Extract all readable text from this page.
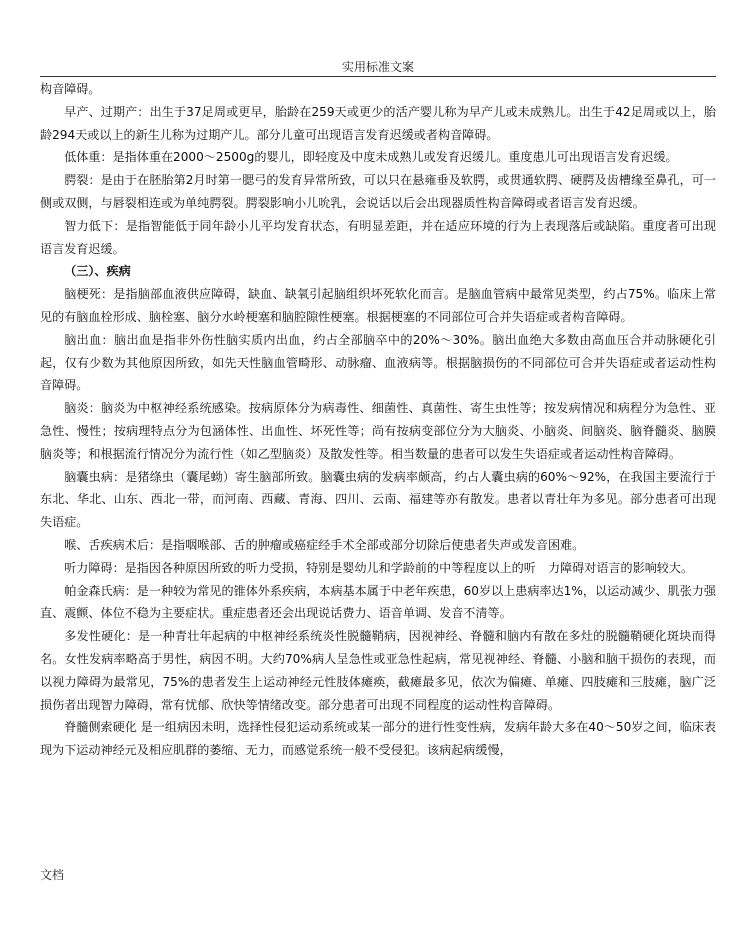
实用标准文案

构音障碍。

早产、过期产：出生于37足周或更早，胎龄在259天或更少的活产婴儿称为早产儿或未成熟儿。出生于42足周或以上，胎龄294天或以上的新生儿称为过期产儿。部分儿童可出现语言发育迟缓或者构音障碍。

低体重：是指体重在2000～2500g的婴儿，即轻度及中度未成熟儿或发育迟缓儿。重度患儿可出现语言发育迟缓。

腭裂：是由于在胚胎第2月时第一腮弓的发育异常所致，可以只在悬雍垂及软腭，或贯通软腭、硬腭及齿槽缘至鼻孔，可一侧或双侧，与唇裂相连或为单纯腭裂。腭裂影响小儿吮乳，会说话以后会出现器质性构音障碍或者语言发育迟缓。

智力低下：是指智能低于同年龄小儿平均发育状态，有明显差距，并在适应环境的行为上表现落后或缺陷。重度者可出现语言发育迟缓。

（三）、疾病

脑梗死：是指脑部血液供应障碍，缺血、缺氧引起脑组织坏死软化而言。是脑血管病中最常见类型，约占75%。临床上常见的有脑血栓形成、脑栓塞、脑分水岭梗塞和脑腔隙性梗塞。根据梗塞的不同部位可合并失语症或者构音障碍。

脑出血：脑出血是指非外伤性脑实质内出血，约占全部脑卒中的20%～30%。脑出血绝大多数由高血压合并动脉硬化引起，仅有少数为其他原因所致，如先天性脑血管畸形、动脉瘤、血液病等。根据脑损伤的不同部位可合并失语症或者运动性构音障碍。

脑炎：脑炎为中枢神经系统感染。按病原体分为病毒性、细菌性、真菌性、寄生虫性等；按发病情况和病程分为急性、亚急性、慢性；按病理特点分为包涵体性、出血性、坏死性等；尚有按病变部位分为大脑炎、小脑炎、间脑炎、脑脊髓炎、脑膜脑炎等；和根据流行情况分为流行性（如乙型脑炎）及散发性等。相当数量的患者可以发生失语症或者运动性构音障碍。

脑囊虫病：是猪绦虫（囊尾蚴）寄生脑部所致。脑囊虫病的发病率颇高，约占人囊虫病的60%～92%，在我国主要流行于东北、华北、山东、西北一带，而河南、西藏、青海、四川、云南、福建等亦有散发。患者以青壮年为多见。部分患者可出现失语症。

喉、舌疾病术后：是指咽喉部、舌的肿瘤或癌症经手术全部或部分切除后使患者失声或发音困难。

听力障碍：是指因各种原因所致的听力受损，特别是婴幼儿和学龄前的中等程度以上的听　力障碍对语言的影响较大。

帕金森氏病：是一种较为常见的锥体外系疾病，本病基本属于中老年疾患，60岁以上患病率达1%，以运动减少、肌张力强直、震颤、体位不稳为主要症状。重症患者还会出现说话费力、语音单调、发音不清等。

多发性硬化：是一种青壮年起病的中枢神经系统炎性脱髓鞘病，因视神经、脊髓和脑内有散在多灶的脱髓鞘硬化斑块而得名。女性发病率略高于男性，病因不明。大约70%病人呈急性或亚急性起病，常见视神经、脊髓、小脑和脑干损伤的表现，而以视力障碍为最常见，75%的患者发生上运动神经元性肢体瘫痪，截瘫最多见，依次为偏瘫、单瘫、四肢瘫和三肢瘫，脑广泛损伤者出现智力障碍，常有忧郁、欣快等情绪改变。部分患者可出现不同程度的运动性构音障碍。

脊髓侧索硬化 是一组病因未明，选择性侵犯运动系统或某一部分的进行性变性病，发病年龄大多在40～50岁之间，临床表现为下运动神经元及相应肌群的萎缩、无力，而感觉系统一般不受侵犯。该病起病缓慢，

文档
